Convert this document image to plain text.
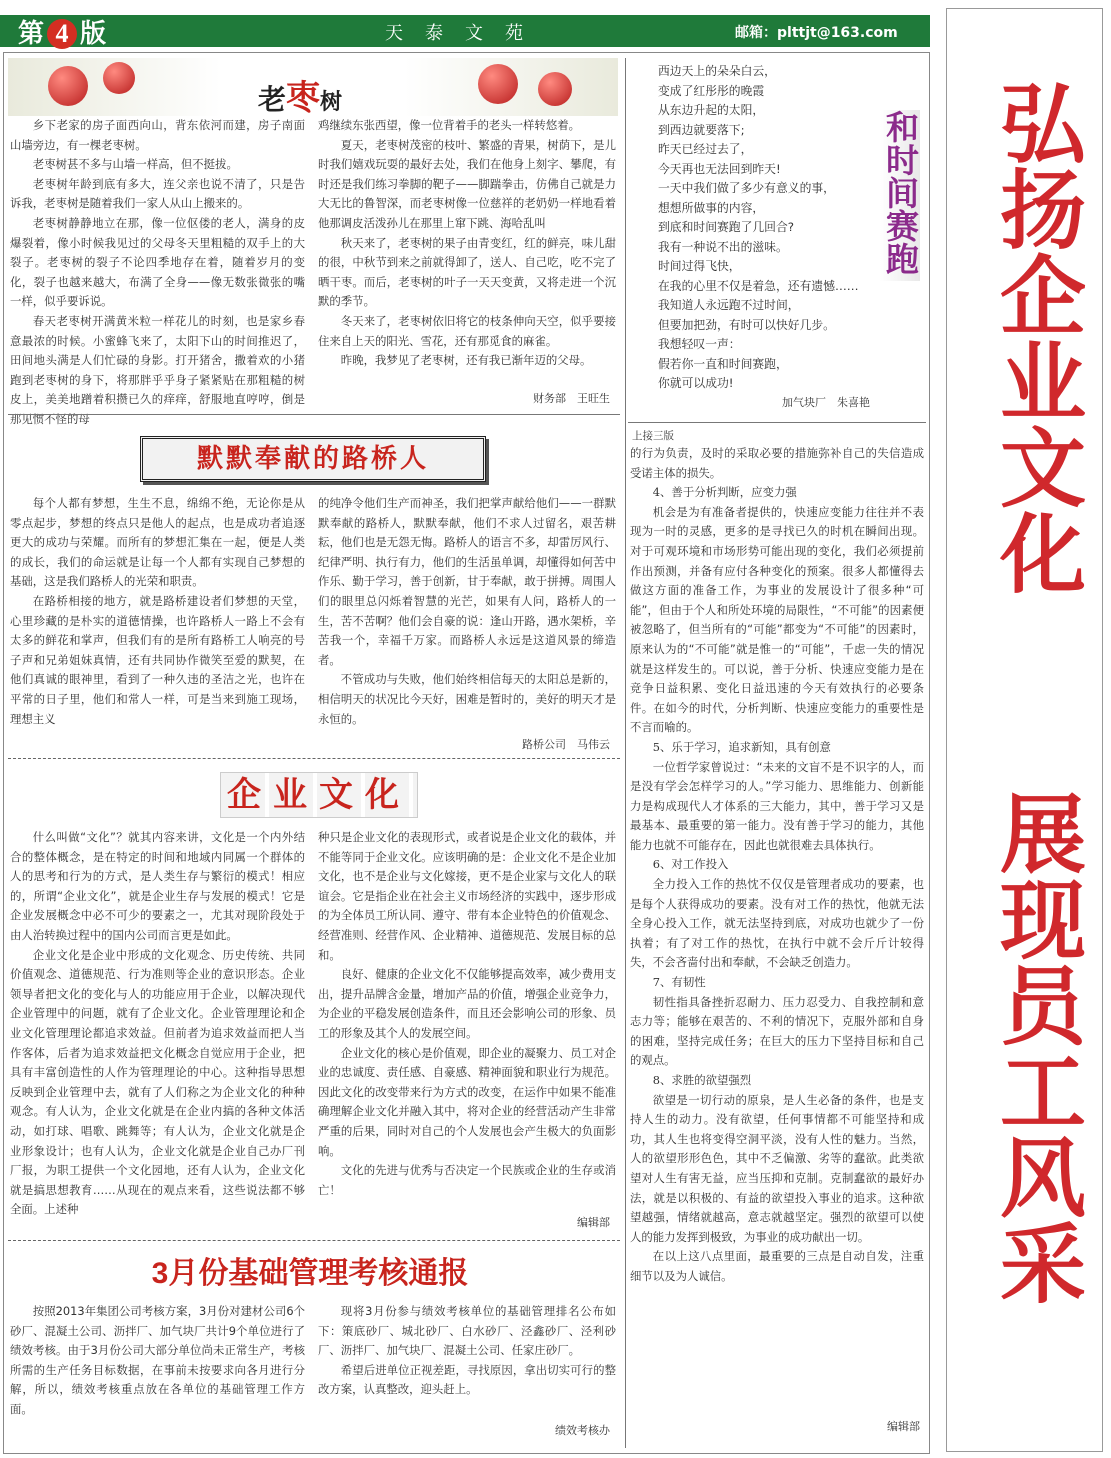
第 4 版	天泰文苑	邮箱：plttjt@163.com
老枣树

乡下老家的房子面西向山，背东依河而建，房子南面山墙旁边，有一棵老枣树。

老枣树甚不多与山墙一样高，但不挺拔。

老枣树年龄到底有多大，连父亲也说不清了，只是告诉我，老枣树是随着我们一家人从山上搬来的。

老枣树静静地立在那，像一位伛偻的老人，满身的皮爆裂着，像小时候我见过的父母冬天里粗糙的双手上的大裂子。老枣树的裂子不论四季地存在着，随着岁月的变化，裂子也越来越大，布满了全身——像无数张微张的嘴一样，似乎要诉说。

春天老枣树开满黄米粒一样花儿的时刻，也是家乡春意最浓的时候。小蜜蜂飞来了，太阳下山的时间推迟了，田间地头满是人们忙碌的身影。打开猪舍，撒着欢的小猪跑到老枣树的身下，将那胖乎乎身子紧紧贴在那粗糙的树皮上，美美地蹭着积攒已久的痒痒，舒服地直哼哼，倒是那见惯不怪的母

鸡继续东张西望，像一位背着手的老头一样转悠着。

夏天，老枣树茂密的枝叶、繁盛的青果，树荫下，是儿时我们嬉戏玩耍的最好去处，我们在他身上刻字、攀爬，有时还是我们练习拳脚的靶子——脚踹拳击，仿佛自己就是力大无比的鲁智深，而老枣树像一位慈祥的老奶奶一样地看着他那调皮活泼孙儿在那里上窜下跳、海哈乱叫

秋天来了，老枣树的果子由青变红，红的鲜亮，味儿甜的很，中秋节到来之前就得卸了，送人、自己吃，吃不完了晒干枣。而后，老枣树的叶子一天天变黄，又将走进一个沉默的季节。

冬天来了，老枣树依旧将它的枝条伸向天空，似乎要接住来自上天的阳光、雪花，还有那觅食的麻雀。

昨晚，我梦见了老枣树，还有我已渐年迈的父母。

财务部　王旺生
默默奉献的路桥人

每个人都有梦想，生生不息，绵绵不绝，无论你是从零点起步，梦想的终点只是他人的起点，也是成功者追逐更大的成功与荣耀。而所有的梦想汇集在一起，便是人类的成长，我们的命运就是让每一个人都有实现自己梦想的基础，这是我们路桥人的光荣和职责。

在路桥相接的地方，就是路桥建设者们梦想的天堂，心里珍藏的是朴实的道德情操，也许路桥人一路上不会有太多的鲜花和掌声，但我们有的是所有路桥工人响亮的号子声和兄弟姐妹真情，还有共同协作微笑至爱的默契，在他们真诚的眼神里，看到了一种久违的圣洁之光，也许在平常的日子里，他们和常人一样，可是当来到施工现场，理想主义

的纯净令他们生产而神圣，我们把掌声献给他们——一群默默奉献的路桥人，默默奉献，他们不求人过留名，艰苦耕耘，他们也是无怨无悔。路桥人的语言不多，却雷厉风行、纪律严明、执行有力，他们的生活虽单调，却懂得如何苦中作乐、勤于学习，善于创新，甘于奉献，敢于拼搏。周围人们的眼里总闪烁着智慧的光芒，如果有人问，路桥人的一生，苦不苦啊？他们会自豪的说：逢山开路，遇水架桥，辛苦我一个，幸福千万家。而路桥人永远是这道风景的缔造者。

不管成功与失败，他们始终相信每天的太阳总是新的，相信明天的状况比今天好，困难是暂时的，美好的明天才是永恒的。

路桥公司　马伟云
企业文化

什么叫做“文化”？就其内容来讲，文化是一个内外结合的整体概念，是在特定的时间和地域内同属一个群体的人的思考和行为的方式，是人类生存与繁衍的模式！相应的，所谓“企业文化”，就是企业生存与发展的模式！它是企业发展概念中必不可少的要素之一，尤其对现阶段处于由人治转换过程中的国内公司而言更是如此。

企业文化是企业中形成的文化观念、历史传统、共同价值观念、道德规范、行为准则等企业的意识形态。企业领导者把文化的变化与人的功能应用于企业，以解决现代企业管理中的问题，就有了企业文化。企业管理理论和企业文化管理理论都追求效益。但前者为追求效益而把人当作客体，后者为追求效益把文化概念自觉应用于企业，把具有丰富创造性的人作为管理理论的中心。这种指导思想反映到企业管理中去，就有了人们称之为企业文化的种种观念。有人认为，企业文化就是在企业内搞的各种文体活动，如打球、唱歌、跳舞等；有人认为，企业文化就是企业形象设计；也有人认为，企业文化就是企业自己办厂刊厂报，为职工提供一个文化园地，还有人认为，企业文化就是搞思想教育……从现在的观点来看，这些说法都不够全面。上述种

种只是企业文化的表现形式，或者说是企业文化的载体，并不能等同于企业文化。应该明确的是：企业文化不是企业加文化，也不是企业与文化嫁接，更不是企业家与文化人的联谊会。它是指企业在社会主义市场经济的实践中，逐步形成的为全体员工所认同、遵守、带有本企业特色的价值观念、经营准则、经营作风、企业精神、道德规范、发展目标的总和。

良好、健康的企业文化不仅能够提高效率，减少费用支出，提升品牌含金量，增加产品的价值，增强企业竞争力，为企业的平稳发展创造条件，而且还会影响公司的形象、员工的形象及其个人的发展空间。

企业文化的核心是价值观，即企业的凝聚力、员工对企业的忠诚度、责任感、自豪感、精神面貌和职业行为规范。因此文化的改变带来行为方式的改变，在运作中如果不能准确理解企业文化并融入其中，将对企业的经营活动产生非常严重的后果，同时对自己的个人发展也会产生极大的负面影响。

文化的先进与优秀与否决定一个民族或企业的生存或消亡！

编辑部
3月份基础管理考核通报

按照2013年集团公司考核方案，3月份对建材公司6个砂厂、混凝土公司、沥拌厂、加气块厂共计9个单位进行了绩效考核。由于3月份公司大部分单位尚未正常生产，考核所需的生产任务目标数据，在事前未按要求向各月进行分解，所以，绩效考核重点放在各单位的基础管理工作方面。

现将3月份参与绩效考核单位的基础管理排名公布如下：策底砂厂、城北砂厂、白水砂厂、泾鑫砂厂、泾利砂厂、沥拌厂、加气块厂、混凝土公司、任家庄砂厂。

希望后进单位正视差距，寻找原因，拿出切实可行的整改方案，认真整改，迎头赶上。

绩效考核办
西边天上的朵朵白云，
变成了红彤彤的晚霞
从东边升起的太阳，
到西边就要落下;
昨天已经过去了，
今天再也无法回到昨天!
一天中我们做了多少有意义的事，
想想所做事的内容，
到底和时间赛跑了几回合?
我有一种说不出的滋味。
时间过得飞快，
在我的心里不仅是着急，还有遗憾……
我知道人永远跑不过时间，
但要加把劲，有时可以快好几步。
我想轻叹一声：
假若你一直和时间赛跑，
你就可以成功!
和时间赛跑
加气块厂　朱喜艳
上接三版

的行为负责，及时的采取必要的措施弥补自己的失信造成受诺主体的损失。

4、善于分析判断，应变力强

机会是为有准备者提供的，快速应变能力往往并不表现为一时的灵感，更多的是寻找已久的时机在瞬间出现。对于可观环境和市场形势可能出现的变化，我们必须提前作出预测，并备有应付各种变化的预案。很多人都懂得去做这方面的准备工作，为事业的发展设计了很多种“可能”，但由于个人和所处环境的局限性，“不可能”的因素便被忽略了，但当所有的“可能”都变为“不可能”的因素时，原来认为的“不可能”就是惟一的“可能”，千虑一失的情况就是这样发生的。可以说，善于分析、快速应变能力是在竞争日益积累、变化日益迅速的今天有效执行的必要条件。在如今的时代，分析判断、快速应变能力的重要性是不言而喻的。

5、乐于学习，追求新知，具有创意

一位哲学家曾说过：“未来的文盲不是不识字的人，而是没有学会怎样学习的人。”学习能力、思维能力、创新能力是构成现代人才体系的三大能力，其中，善于学习又是最基本、最重要的第一能力。没有善于学习的能力，其他能力也就不可能存在，因此也就很难去具体执行。

6、对工作投入

全力投入工作的热忱不仅仅是管理者成功的要素，也是每个人获得成功的要素。没有对工作的热忱，他就无法全身心投入工作，就无法坚持到底，对成功也就少了一份执着；有了对工作的热忱，在执行中就不会斤斤计较得失，不会吝啬付出和奉献，不会缺乏创造力。

7、有韧性

韧性指具备挫折忍耐力、压力忍受力、自我控制和意志力等；能够在艰苦的、不利的情况下，克服外部和自身的困难，坚持完成任务；在巨大的压力下坚持目标和自己的观点。

8、求胜的欲望强烈

欲望是一切行动的原泉，是人生必备的条件，也是支持人生的动力。没有欲望，任何事情都不可能坚持和成功，其人生也将变得空洞平淡，没有人性的魅力。当然，人的欲望形形色色，其中不乏偏激、劣等的蠢欲。此类欲望对人生有害无益，应当压抑和克制。克制蠢欲的最好办法，就是以积极的、有益的欲望投入事业的追求。这种欲望越强，情绪就越高，意志就越坚定。强烈的欲望可以使人的能力发挥到极致，为事业的成功献出一切。

在以上这八点里面，最重要的三点是自动自发，注重细节以及为人诚信。

编辑部
弘扬企业文化
展现员工风采
